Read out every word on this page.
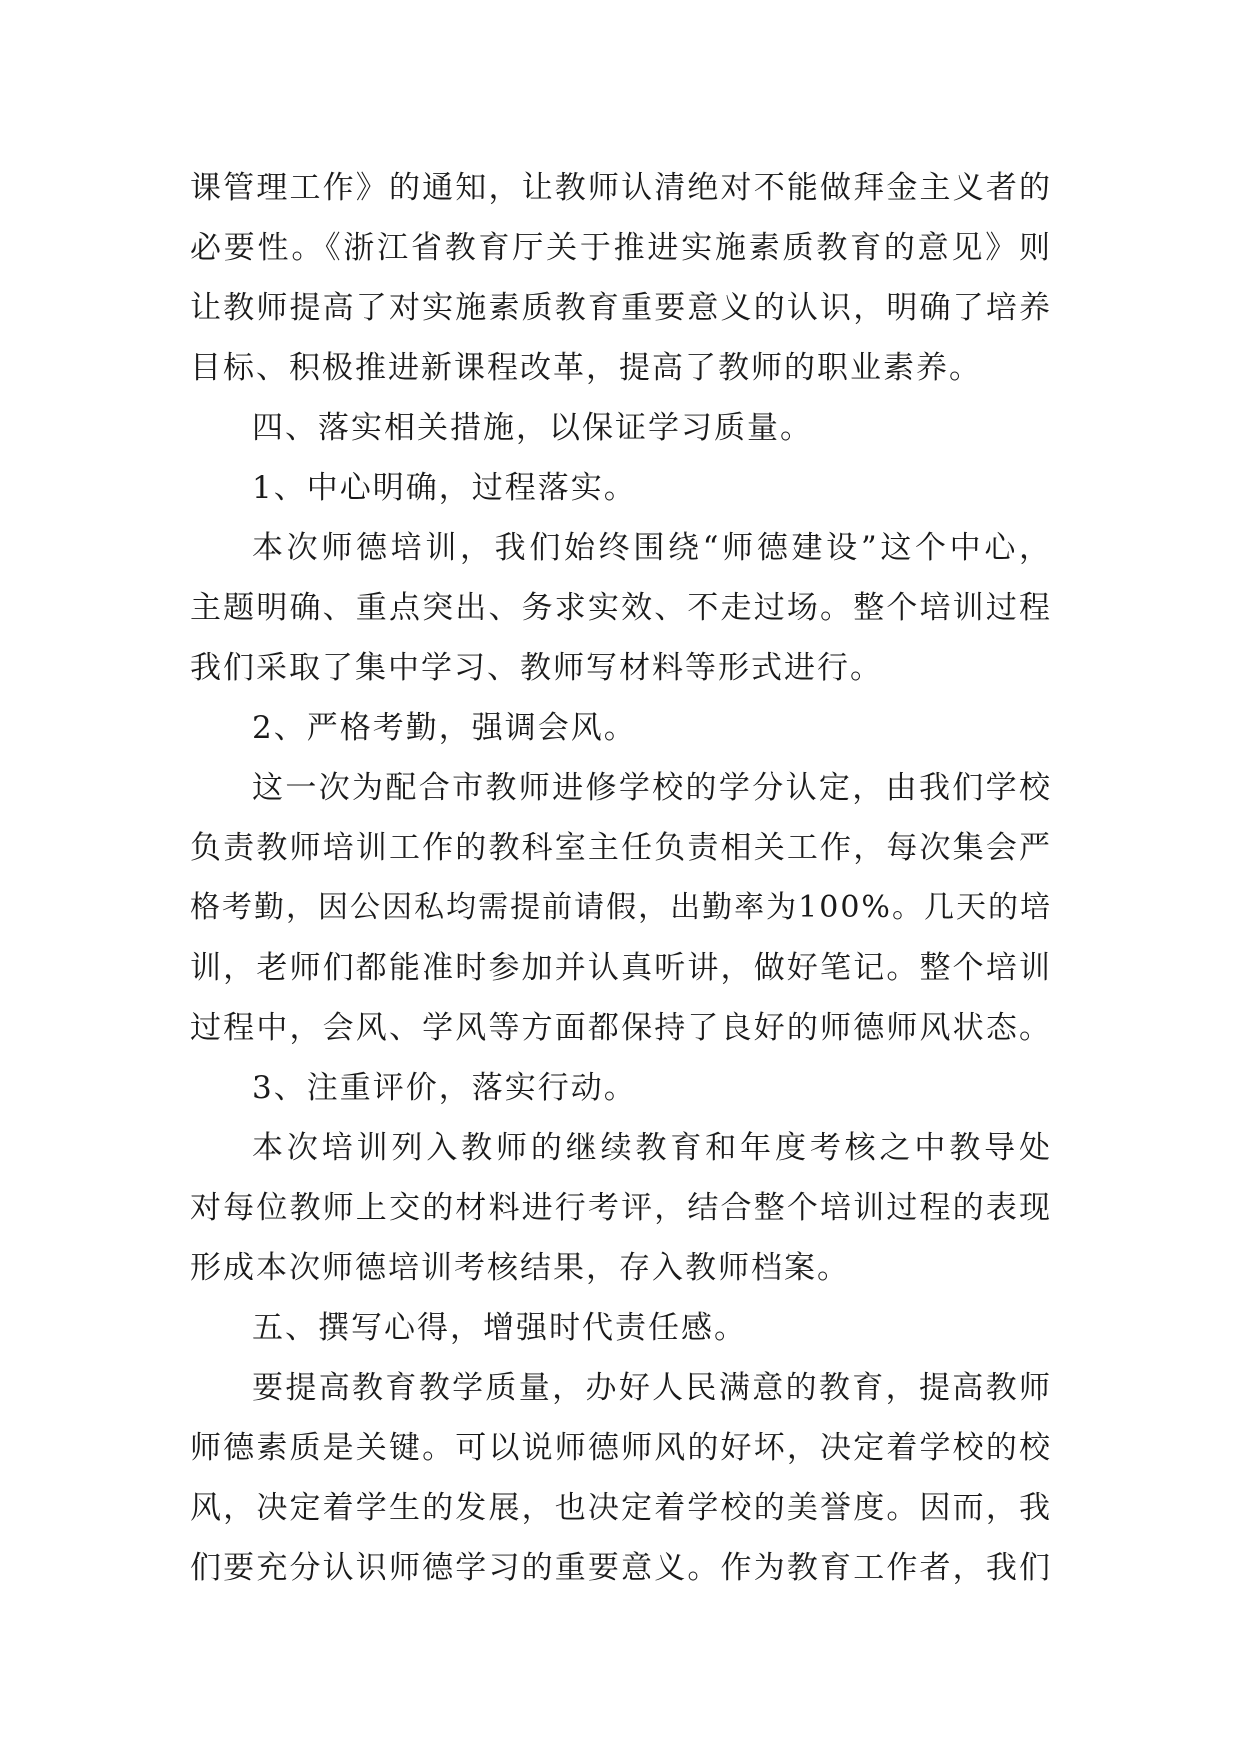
课管理工作》的通知，让教师认清绝对不能做拜金主义者的
必要性。《浙江省教育厅关于推进实施素质教育的意见》则
让教师提高了对实施素质教育重要意义的认识，明确了培养
目标、积极推进新课程改革，提高了教师的职业素养。
四、落实相关措施，以保证学习质量。
1、中心明确，过程落实。
本次师德培训，我们始终围绕“师德建设”这个中心，
主题明确、重点突出、务求实效、不走过场。整个培训过程
我们采取了集中学习、教师写材料等形式进行。
2、严格考勤，强调会风。
这一次为配合市教师进修学校的学分认定，由我们学校
负责教师培训工作的教科室主任负责相关工作，每次集会严
格考勤，因公因私均需提前请假，出勤率为100%。几天的培
训，老师们都能准时参加并认真听讲，做好笔记。整个培训
过程中，会风、学风等方面都保持了良好的师德师风状态。
3、注重评价，落实行动。
本次培训列入教师的继续教育和年度考核之中教导处
对每位教师上交的材料进行考评，结合整个培训过程的表现
形成本次师德培训考核结果，存入教师档案。
五、撰写心得，增强时代责任感。
要提高教育教学质量，办好人民满意的教育，提高教师
师德素质是关键。可以说师德师风的好坏，决定着学校的校
风，决定着学生的发展，也决定着学校的美誉度。因而，我
们要充分认识师德学习的重要意义。作为教育工作者，我们
